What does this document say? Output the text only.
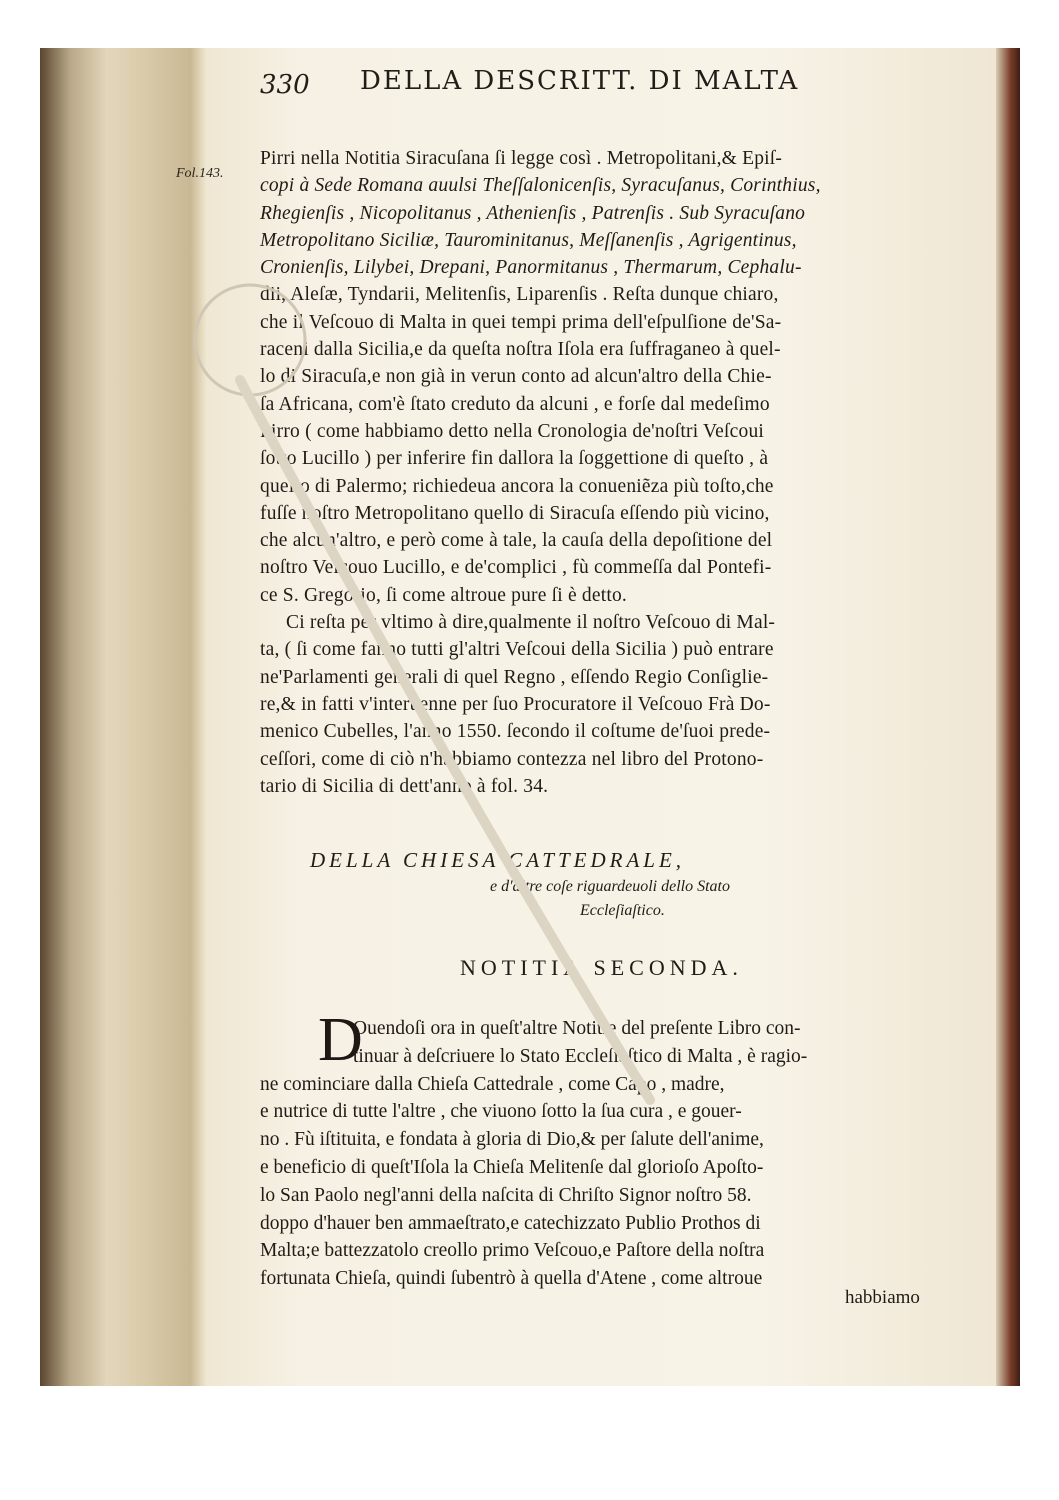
Fol.143.
330 DELLA DESCRITT. DI MALTA
Pirri nella Notitia Siracuſana ſi legge così . Metropolitani,& Epiſ-
copi à Sede Romana auulsi Theſſalonicenſis, Syracuſanus, Corinthius,
Rhegienſis , Nicopolitanus , Athenienſis , Patrenſis . Sub Syracuſano
Metropolitano Siciliæ, Taurominitanus, Meſſanenſis , Agrigentinus,
Cronienſis, Lilybei, Drepani, Panormitanus , Thermarum, Cephalu-
dii, Aleſæ, Tyndarii, Melitenſis, Liparenſis . Reſta dunque chiaro,
che il Veſcouo di Malta in quei tempi prima dell'eſpulſione de'Sa-
raceni dalla Sicilia,e da queſta noſtra Iſola era ſuffraganeo à quel-
lo di Siracuſa,e non già in verun conto ad alcun'altro della Chie-
ſa Africana, com'è ſtato creduto da alcuni , e forſe dal medeſimo
Pirro ( come habbiamo detto nella Cronologia de'noſtri Veſcoui
ſotto Lucillo ) per inferire fin dallora la ſoggettione di queſto , à
quello di Palermo; richiedeua ancora la conueniẽza più toſto,che
fuſſe noſtro Metropolitano quello di Siracuſa eſſendo più vicino,
che alcun'altro, e però come à tale, la cauſa della depoſitione del
noſtro Veſcouo Lucillo, e de'complici , fù commeſſa dal Pontefi-
ce S. Gregorio, ſi come altroue pure ſi è detto.
Ci reſta per vltimo à dire,qualmente il noſtro Veſcouo di Mal-
ta, ( ſi come fanno tutti gl'altri Veſcoui della Sicilia ) può entrare
ne'Parlamenti generali di quel Regno , eſſendo Regio Conſiglie-
re,& in fatti v'interuenne per ſuo Procuratore il Veſcouo Frà Do-
menico Cubelles, l'anno 1550. ſecondo il coſtume de'ſuoi prede-
ceſſori, come di ciò n'habbiamo contezza nel libro del Protono-
tario di Sicilia di dett'anno à fol. 34.
DELLA CHIESA CATTEDRALE,
e d'altre coſe riguardeuoli dello Stato
Eccleſiaſtico.
NOTITIA SECONDA.
D
Ouendoſi ora in queſt'altre Notitie del preſente Libro con-
tinuar à deſcriuere lo Stato Eccleſiaſtico di Malta , è ragio-
ne cominciare dalla Chieſa Cattedrale , come Capo , madre,
e nutrice di tutte l'altre , che viuono ſotto la ſua cura , e gouer-
no . Fù iſtituita, e fondata à gloria di Dio,& per ſalute dell'anime,
e beneficio di queſt'Iſola la Chieſa Melitenſe dal glorioſo Apoſto-
lo San Paolo negl'anni della naſcita di Chriſto Signor noſtro 58.
doppo d'hauer ben ammaeſtrato,e catechizzato Publio Prothos di
Malta;e battezzatolo creollo primo Veſcouo,e Paſtore della noſtra
fortunata Chieſa, quindi ſubentrò à quella d'Atene , come altroue
habbiamo
